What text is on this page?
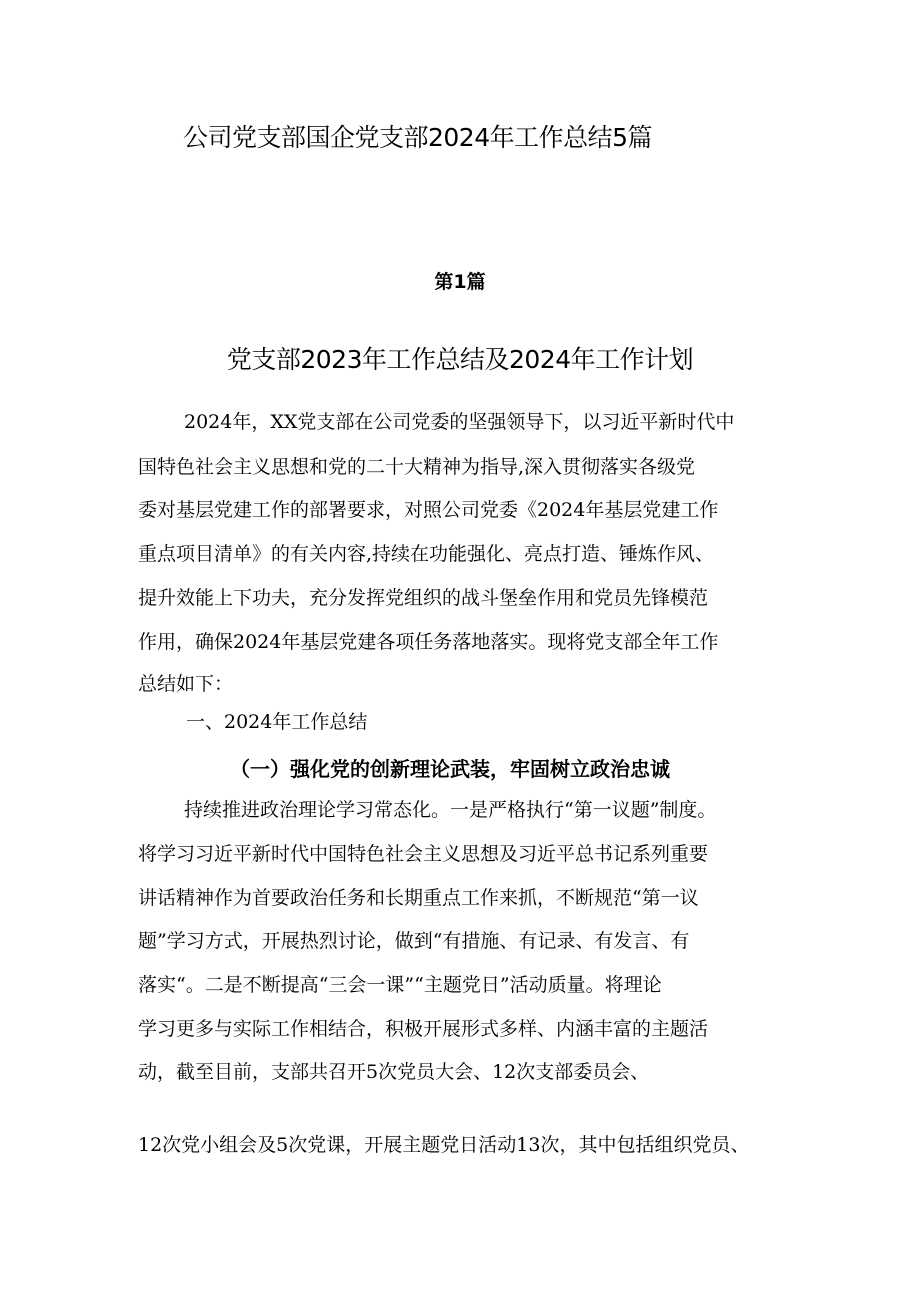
公司党支部国企党支部2024年工作总结5篇
第1篇
党支部2023年工作总结及2024年工作计划
2024年，XX党支部在公司党委的坚强领导下，以习近平新时代中
国特色社会主义思想和党的二十大精神为指导,深入贯彻落实各级党
委对基层党建工作的部署要求，对照公司党委《2024年基层党建工作
重点项目清单》的有关内容,持续在功能强化、亮点打造、锤炼作风、
提升效能上下功夫，充分发挥党组织的战斗堡垒作用和党员先锋模范
作用，确保2024年基层党建各项任务落地落实。现将党支部全年工作
总结如下：
一、2024年工作总结
（一）强化党的创新理论武装，牢固树立政治忠诚
持续推进政治理论学习常态化。一是严格执行“第一议题”制度。
将学习习近平新时代中国特色社会主义思想及习近平总书记系列重要
讲话精神作为首要政治任务和长期重点工作来抓，不断规范“第一议
题”学习方式，开展热烈讨论，做到“有措施、有记录、有发言、有
落实“。二是不断提高“三会一课”“主题党日”活动质量。将理论
学习更多与实际工作相结合，积极开展形式多样、内涵丰富的主题活
动，截至目前，支部共召开5次党员大会、12次支部委员会、
12次党小组会及5次党课，开展主题党日活动13次，其中包括组织党员、
